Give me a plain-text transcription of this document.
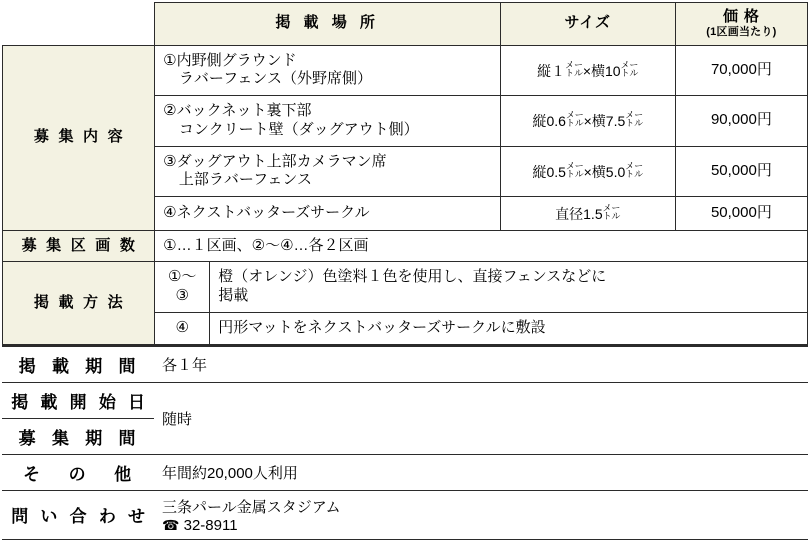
	掲 載 場 所		サイズ	価 格
(1区画当たり)

募 集 内 容	
①内野側グラウンド
ラバーフェンス（外野席側）	縦１ メー
トル ×横10 メー
トル	70,000円

②バックネット裏下部
コンクリート壁（ダッグアウト側）	縦0.6 メー
トル ×横7.5 メー
トル	90,000円

③ダッグアウト上部カメラマン席
上部ラバーフェンス	縦0.5 メー
トル ×横5.0 メー
トル	50,000円

	④ネクストバッターズサークル		直径1.5 メー
トル	50,000円
募 集 区 画 数	①…１区画、②～④…各２区画			
掲 載 方 法	①～③	橙（オレンジ）色塗料１色を使用し、直接フェンスなどに
掲載		

	④	円形マットをネクストバッターズサークルに敷設		
掲 載 期 間	各１年
掲 載 開 始 日	随時
募 集 期 間	
そ　の　他	年間約20,000人利用
問 い 合 わ せ	三条パール金属スタジアム
☎ 32-8911
